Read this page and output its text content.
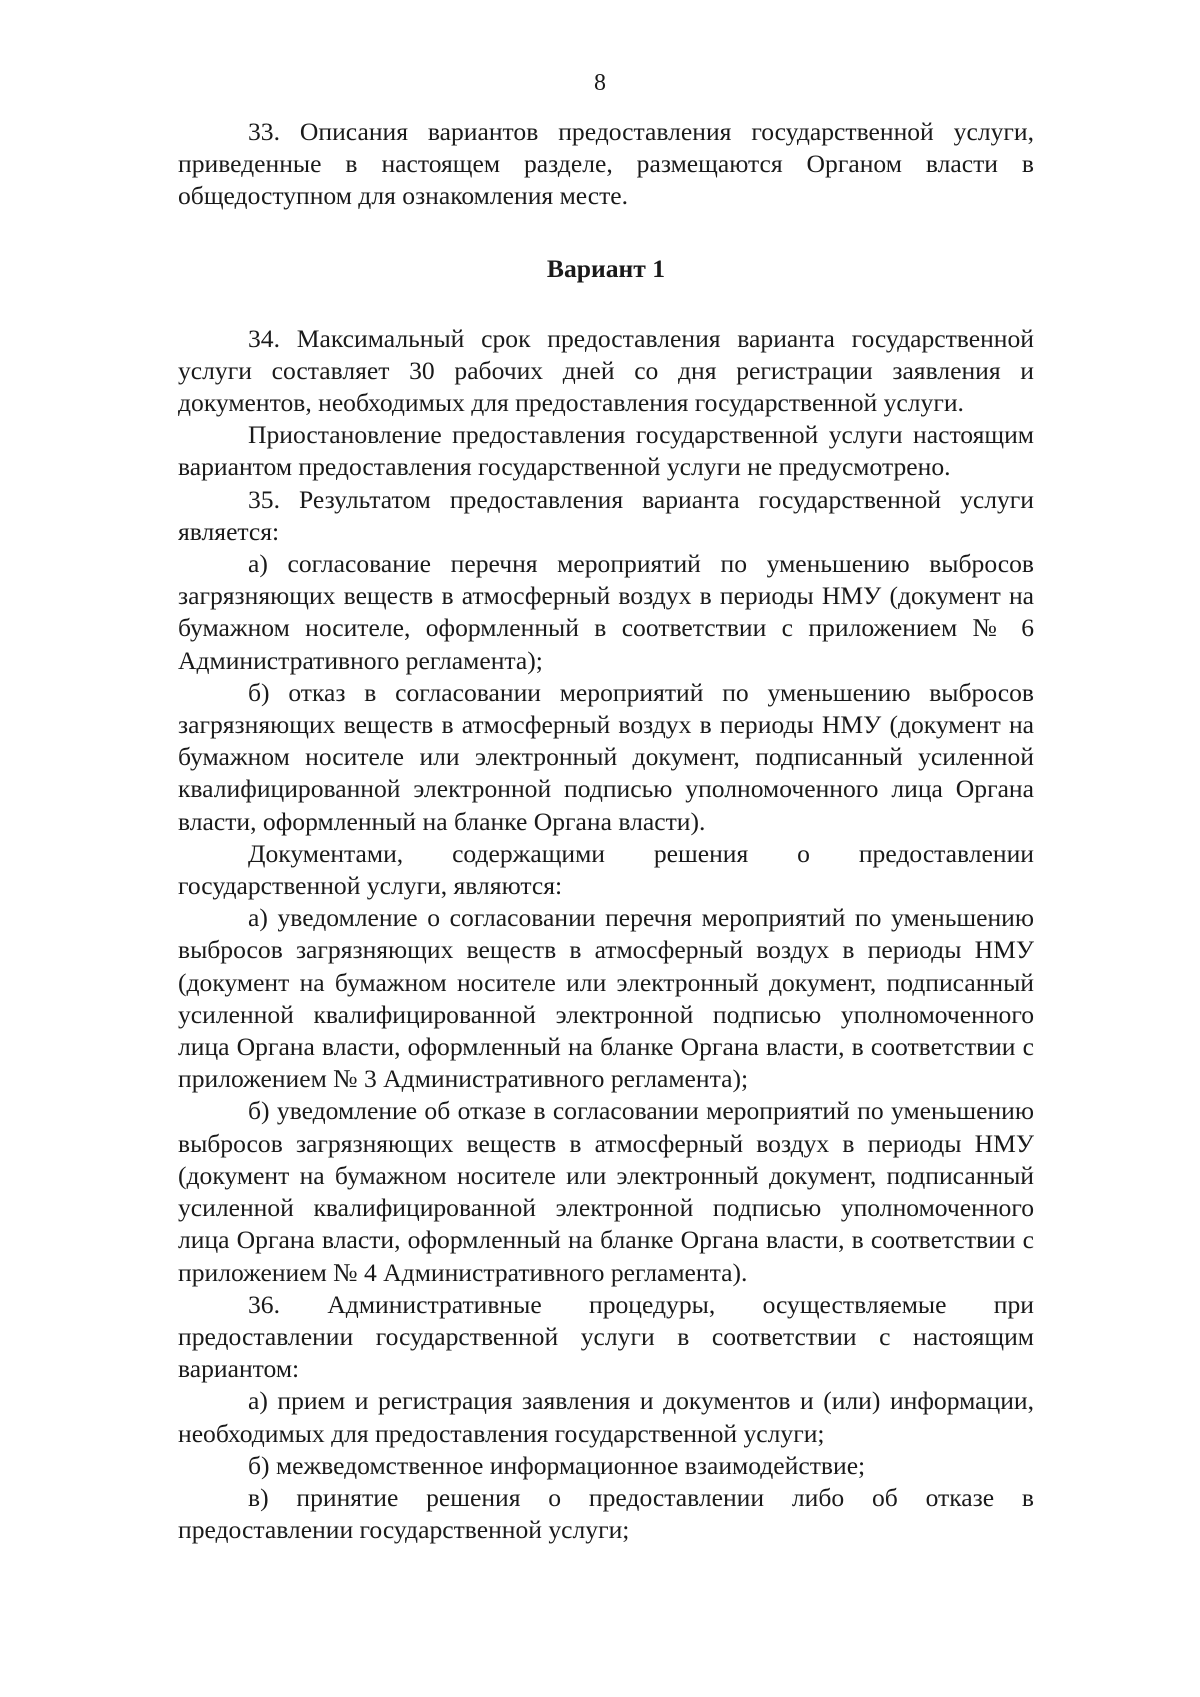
8

33. Описания вариантов предоставления государственной услуги, приведенные в настоящем разделе, размещаются Органом власти в общедоступном для ознакомления месте.

Вариант 1

34. Максимальный срок предоставления варианта государственной услуги составляет 30 рабочих дней со дня регистрации заявления и документов, необходимых для предоставления государственной услуги.

Приостановление предоставления государственной услуги настоящим вариантом предоставления государственной услуги не предусмотрено.

35. Результатом предоставления варианта государственной услуги является:

а) согласование перечня мероприятий по уменьшению выбросов загрязняющих веществ в атмосферный воздух в периоды НМУ (документ на бумажном носителе, оформленный в соответствии с приложением № 6 Административного регламента);

б) отказ в согласовании мероприятий по уменьшению выбросов загрязняющих веществ в атмосферный воздух в периоды НМУ (документ на бумажном носителе или электронный документ, подписанный усиленной квалифицированной электронной подписью уполномоченного лица Органа власти, оформленный на бланке Органа власти).

Документами, содержащими решения о предоставлении государственной услуги, являются:

а) уведомление о согласовании перечня мероприятий по уменьшению выбросов загрязняющих веществ в атмосферный воздух в периоды НМУ (документ на бумажном носителе или электронный документ, подписанный усиленной квалифицированной электронной подписью уполномоченного лица Органа власти, оформленный на бланке Органа власти, в соответствии с приложением № 3 Административного регламента);

б) уведомление об отказе в согласовании мероприятий по уменьшению выбросов загрязняющих веществ в атмосферный воздух в периоды НМУ (документ на бумажном носителе или электронный документ, подписанный усиленной квалифицированной электронной подписью уполномоченного лица Органа власти, оформленный на бланке Органа власти, в соответствии с приложением № 4 Административного регламента).

36. Административные процедуры, осуществляемые при предоставлении государственной услуги в соответствии с настоящим вариантом:

а) прием и регистрация заявления и документов и (или) информации, необходимых для предоставления государственной услуги;

б) межведомственное информационное взаимодействие;

в) принятие решения о предоставлении либо об отказе в предоставлении государственной услуги;
